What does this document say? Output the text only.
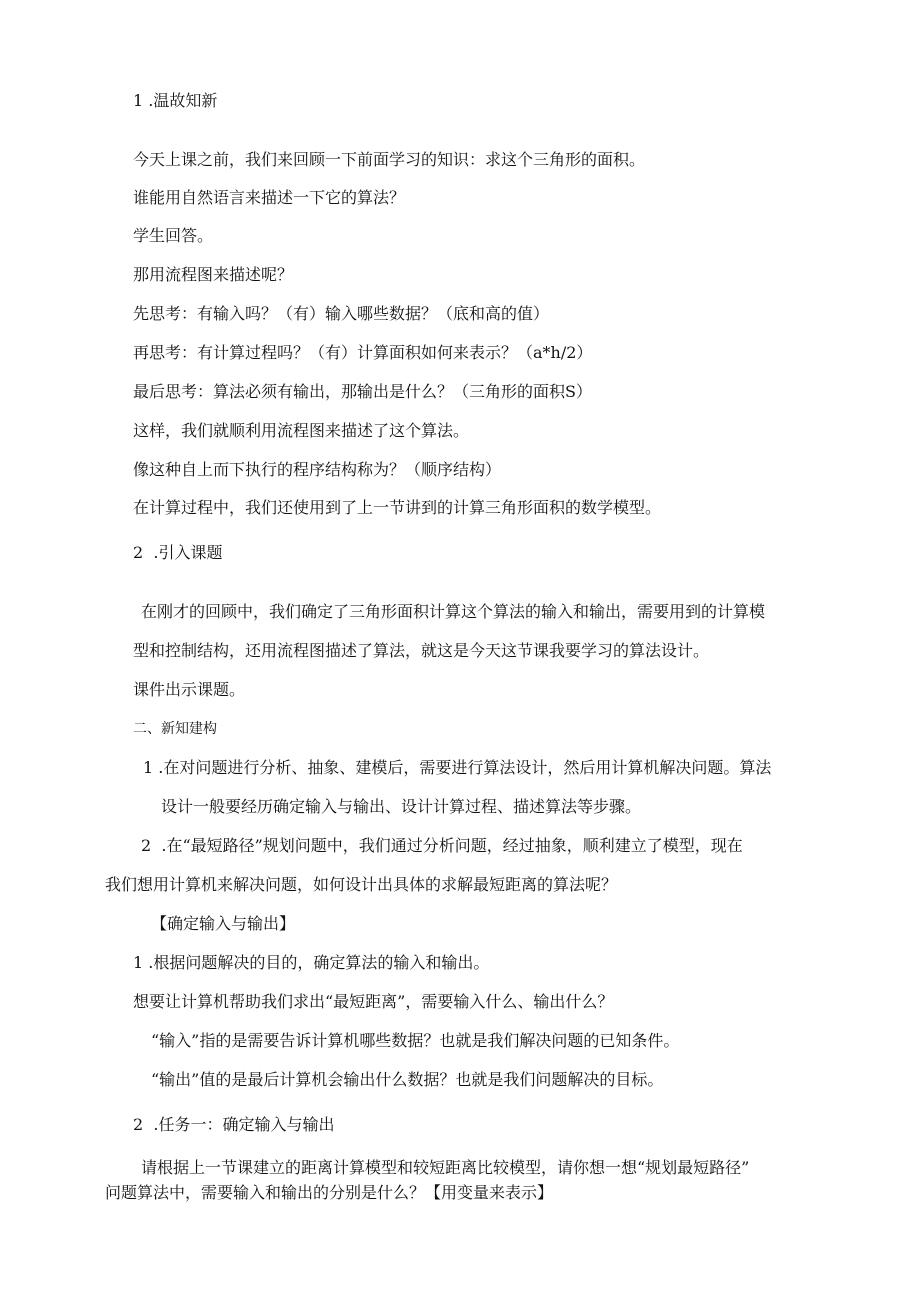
1 .温故知新
今天上课之前，我们来回顾一下前面学习的知识：求这个三角形的面积。
谁能用自然语言来描述一下它的算法？
学生回答。
那用流程图来描述呢？
先思考：有输入吗？（有）输入哪些数据？（底和高的值）
再思考：有计算过程吗？（有）计算面积如何来表示？（a*h/2）
最后思考：算法必须有输出，那输出是什么？（三角形的面积S）
这样，我们就顺利用流程图来描述了这个算法。
像这种自上而下执行的程序结构称为？（顺序结构）
在计算过程中，我们还使用到了上一节讲到的计算三角形面积的数学模型。
2  .引入课题
在刚才的回顾中，我们确定了三角形面积计算这个算法的输入和输出，需要用到的计算模
型和控制结构，还用流程图描述了算法，就这是今天这节课我要学习的算法设计。
课件出示课题。
二、新知建构
1 .在对问题进行分析、抽象、建模后，需要进行算法设计，然后用计算机解决问题。算法
设计一般要经历确定输入与输出、设计计算过程、描述算法等步骤。
2  .在“最短路径”规划问题中，我们通过分析问题，经过抽象，顺利建立了模型，现在
我们想用计算机来解决问题，如何设计出具体的求解最短距离的算法呢？
【确定输入与输出】
1 .根据问题解决的目的，确定算法的输入和输出。
想要让计算机帮助我们求出“最短距离”，需要输入什么、输出什么？
“输入”指的是需要告诉计算机哪些数据？也就是我们解决问题的已知条件。
“输出”值的是最后计算机会输出什么数据？也就是我们问题解决的目标。
2  .任务一：确定输入与输出
请根据上一节课建立的距离计算模型和较短距离比较模型，请你想一想“规划最短路径”
问题算法中，需要输入和输出的分别是什么？【用变量来表示】
